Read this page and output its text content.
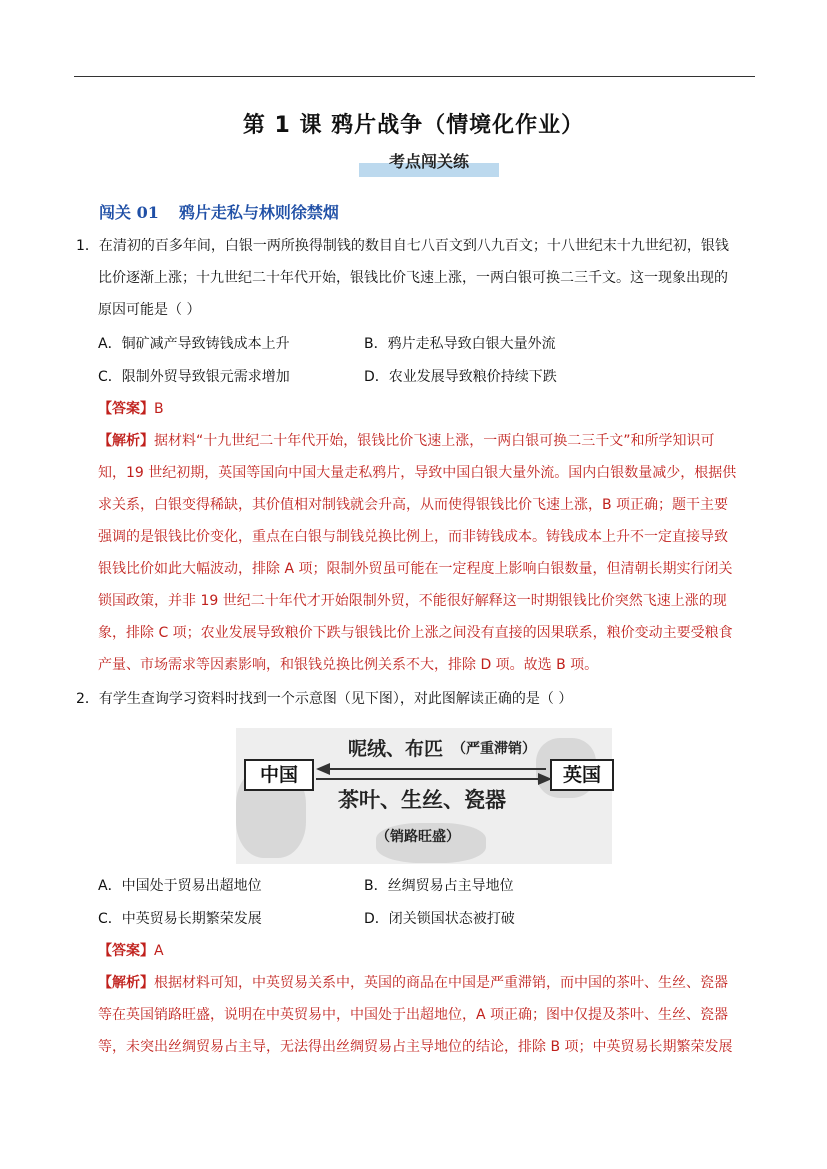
第 1 课 鸦片战争（情境化作业）
考点闯关练
闯关 01 鸦片走私与林则徐禁烟
1．在清初的百多年间，白银一两所换得制钱的数目自七八百文到八九百文；十八世纪末十九世纪初，银钱
比价逐渐上涨；十九世纪二十年代开始，银钱比价飞速上涨，一两白银可换二三千文。这一现象出现的
原因可能是（ ）
A．铜矿减产导致铸钱成本上升	B．鸦片走私导致白银大量外流
C．限制外贸导致银元需求增加	D．农业发展导致粮价持续下跌
【答案】B
【解析】据材料“十九世纪二十年代开始，银钱比价飞速上涨，一两白银可换二三千文”和所学知识可
知，19 世纪初期，英国等国向中国大量走私鸦片，导致中国白银大量外流。国内白银数量减少，根据供
求关系，白银变得稀缺，其价值相对制钱就会升高，从而使得银钱比价飞速上涨，B 项正确；题干主要
强调的是银钱比价变化，重点在白银与制钱兑换比例上，而非铸钱成本。铸钱成本上升不一定直接导致
银钱比价如此大幅波动，排除 A 项；限制外贸虽可能在一定程度上影响白银数量，但清朝长期实行闭关
锁国政策，并非 19 世纪二十年代才开始限制外贸，不能很好解释这一时期银钱比价突然飞速上涨的现
象，排除 C 项；农业发展导致粮价下跌与银钱比价上涨之间没有直接的因果联系，粮价变动主要受粮食
产量、市场需求等因素影响，和银钱兑换比例关系不大，排除 D 项。故选 B 项。
2．有学生查询学习资料时找到一个示意图（见下图），对此图解读正确的是（ ）
中国	英国
呢绒、布匹 （严重滞销）
茶叶、生丝、瓷器
（销路旺盛）
A．中国处于贸易出超地位	B．丝绸贸易占主导地位
C．中英贸易长期繁荣发展	D．闭关锁国状态被打破
【答案】A
【解析】根据材料可知，中英贸易关系中，英国的商品在中国是严重滞销，而中国的茶叶、生丝、瓷器
等在英国销路旺盛，说明在中英贸易中，中国处于出超地位，A 项正确；图中仅提及茶叶、生丝、瓷器
等，未突出丝绸贸易占主导，无法得出丝绸贸易占主导地位的结论，排除 B 项；中英贸易长期繁荣发展
